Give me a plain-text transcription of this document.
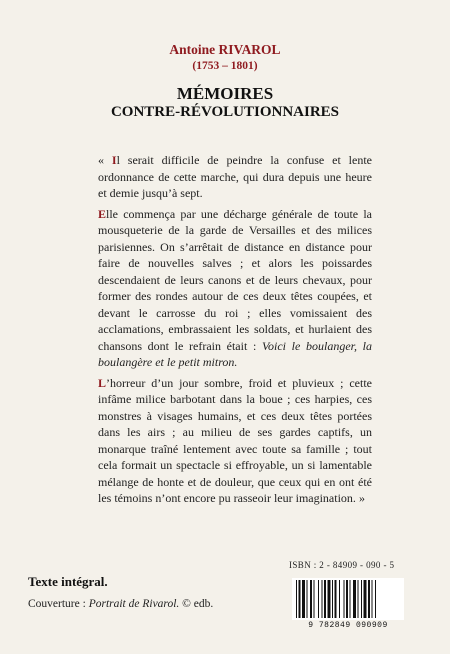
Antoine RIVAROL
(1753 – 1801)
MÉMOIRES
CONTRE-RÉVOLUTIONNAIRES

« Il serait difficile de peindre la confuse et lente ordonnance de cette marche, qui dura depuis une heure et demie jusqu’à sept.

Elle commença par une décharge générale de toute la mousqueterie de la garde de Versailles et des milices parisiennes. On s’arrêtait de distance en distance pour faire de nouvelles salves ; et alors les poissardes descendaient de leurs canons et de leurs chevaux, pour former des rondes autour de ces deux têtes coupées, et devant le carrosse du roi ; elles vomissaient des acclamations, embrassaient les soldats, et hurlaient des chansons dont le refrain était : Voici le boulanger, la boulangère et le petit mitron.

L’horreur d’un jour sombre, froid et pluvieux ; cette infâme milice barbotant dans la boue ; ces harpies, ces monstres à visages humains, et ces deux têtes portées dans les airs ; au milieu de ses gardes captifs, un monarque traîné lentement avec toute sa famille ; tout cela formait un spectacle si effroyable, un si lamentable mélange de honte et de douleur, que ceux qui en ont été les témoins n’ont encore pu rasseoir leur imagination. »

ISBN : 2 - 84909 - 090 - 5
9 782849 090909
Texte intégral.
Couverture : Portrait de Rivarol. © edb.
